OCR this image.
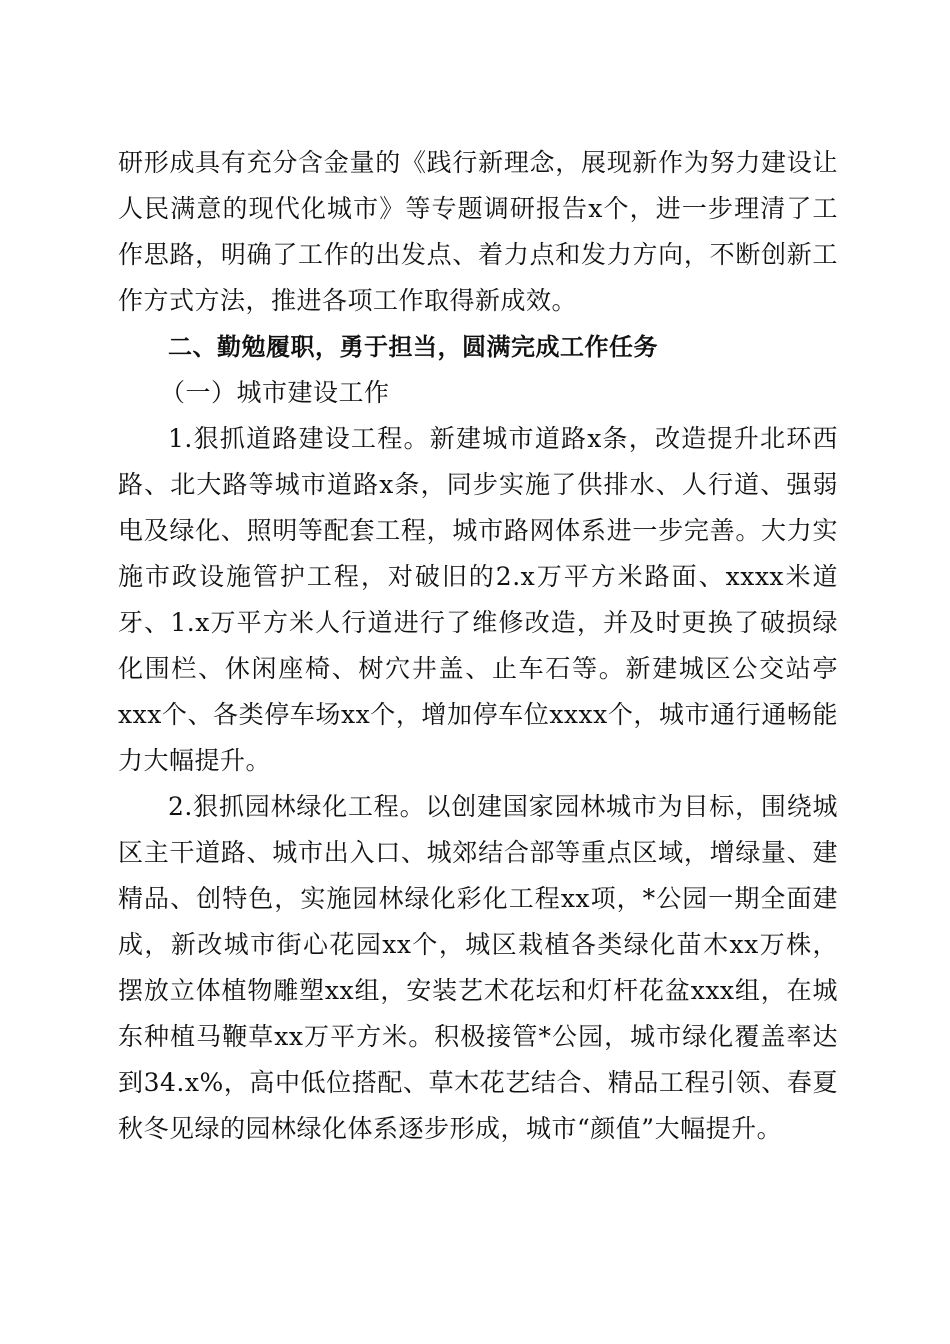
研形成具有充分含金量的《践行新理念，展现新作为努力建设让人民满意的现代化城市》等专题调研报告x个，进一步理清了工作思路，明确了工作的出发点、着力点和发力方向，不断创新工作方式方法，推进各项工作取得新成效。

二、勤勉履职，勇于担当，圆满完成工作任务

（一）城市建设工作

1.狠抓道路建设工程。新建城市道路x条，改造提升北环西路、北大路等城市道路x条，同步实施了供排水、人行道、强弱电及绿化、照明等配套工程，城市路网体系进一步完善。大力实施市政设施管护工程，对破旧的2.x万平方米路面、xxxx米道牙、1.x万平方米人行道进行了维修改造，并及时更换了破损绿化围栏、休闲座椅、树穴井盖、止车石等。新建城区公交站亭xxx个、各类停车场xx个，增加停车位xxxx个，城市通行通畅能力大幅提升。

2.狠抓园林绿化工程。以创建国家园林城市为目标，围绕城区主干道路、城市出入口、城郊结合部等重点区域，增绿量、建精品、创特色，实施园林绿化彩化工程xx项，*公园一期全面建成，新改城市街心花园xx个，城区栽植各类绿化苗木xx万株，摆放立体植物雕塑xx组，安装艺术花坛和灯杆花盆xxx组，在城东种植马鞭草xx万平方米。积极接管*公园，城市绿化覆盖率达到34.x%，高中低位搭配、草木花艺结合、精品工程引领、春夏秋冬见绿的园林绿化体系逐步形成，城市“颜值”大幅提升。
